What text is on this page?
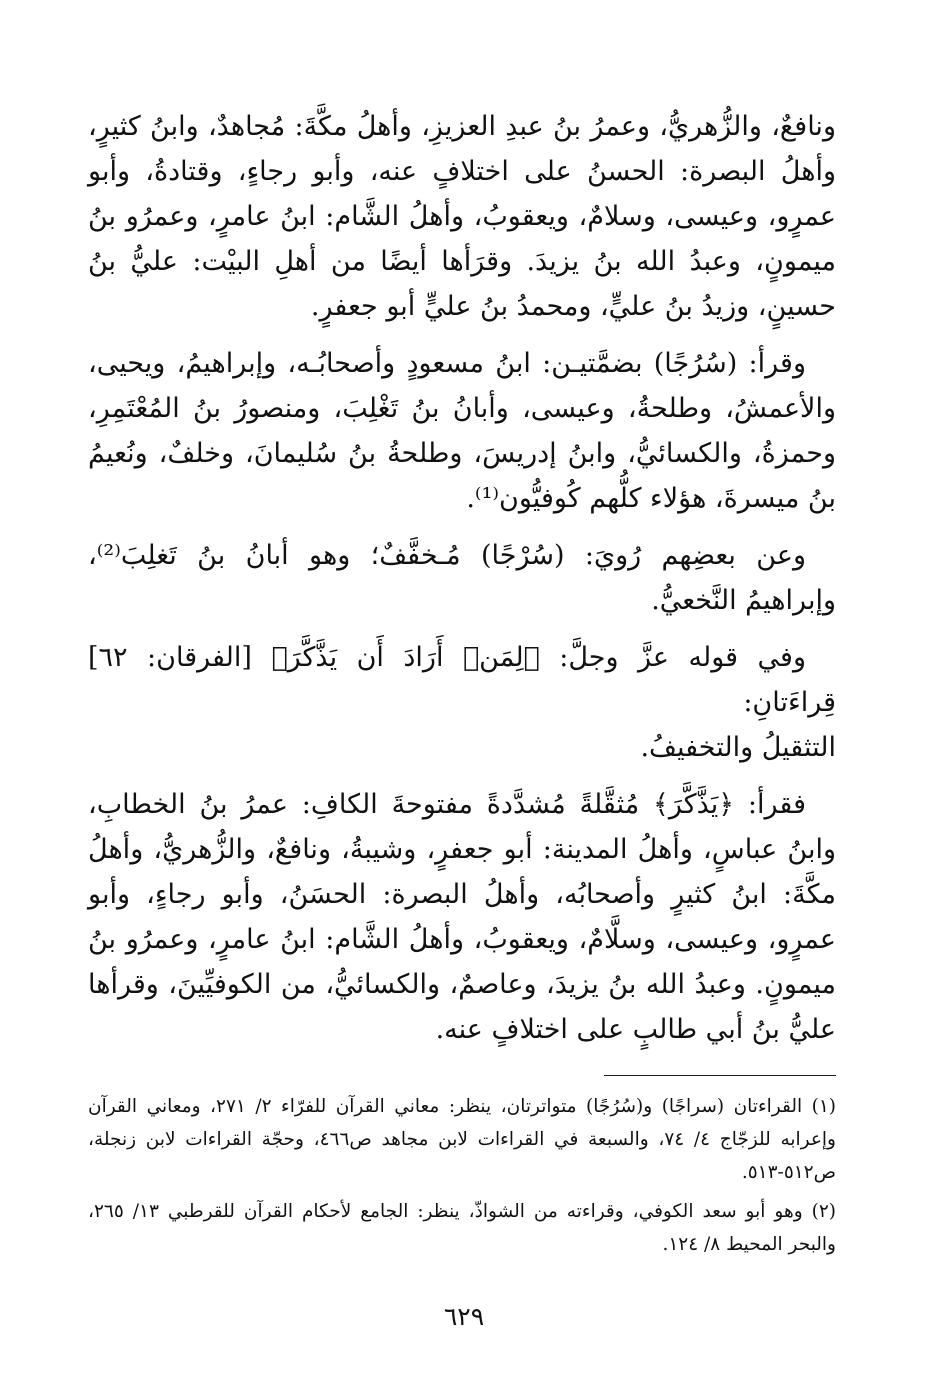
ونافعٌ، والزُّهريُّ، وعمرُ بنُ عبدِ العزيزِ، وأهلُ مكَّةَ: مُجاهدٌ، وابنُ كثيرٍ، وأهلُ البصرة: الحسنُ على اختلافٍ عنه، وأبو رجاءٍ، وقتادةُ، وأبو عمرٍو، وعيسى، وسلامٌ، ويعقوبُ، وأهلُ الشَّام: ابنُ عامرٍ، وعمرُو بنُ ميمونٍ، وعبدُ الله بنُ يزيدَ. وقرَأها أيضًا من أهلِ البيْت: عليُّ بنُ حسينٍ، وزيدُ بنُ عليٍّ، ومحمدُ بنُ عليٍّ أبو جعفرٍ.

وقرأ: (سُرُجًا) بضمَّتيـن: ابنُ مسعودٍ وأصحابُـه، وإبراهيمُ، ويحيى، والأعمشُ، وطلحةُ، وعيسى، وأبانُ بنُ تَغْلِبَ، ومنصورُ بنُ المُعْتَمِرِ، وحمزةُ، والكسائيُّ، وابنُ إدريسَ، وطلحةُ بنُ سُليمانَ، وخلفٌ، ونُعيمُ بنُ ميسرةَ، هؤلاء كلُّهم كُوفيُّون⁽¹⁾.

وعن بعضِهم رُويَ: (سُرْجًا) مُـخفَّفٌ؛ وهو أبانُ بنُ تَغلِبَ⁽²⁾، وإبراهيمُ النَّخعيُّ.

وفي قوله عزَّ وجلَّ: ﴿لِمَنۡ أَرَادَ أَن يَذَّكَّرَ﴾ [الفرقان: ٦٢] قِراءَتانِ:
التثقيلُ والتخفيفُ.

فقرأ: ﴿يَذَّكَّرَ﴾ مُثقَّلةً مُشدَّدةً مفتوحةَ الكافِ: عمرُ بنُ الخطابِ، وابنُ عباسٍ، وأهلُ المدينة: أبو جعفرٍ، وشيبةُ، ونافعٌ، والزُّهريُّ، وأهلُ مكَّةَ: ابنُ كثيرٍ وأصحابُه، وأهلُ البصرة: الحسَنُ، وأبو رجاءٍ، وأبو عمرٍو، وعيسى، وسلَّامٌ، ويعقوبُ، وأهلُ الشَّام: ابنُ عامرٍ، وعمرُو بنُ ميمونٍ. وعبدُ الله بنُ يزيدَ، وعاصمٌ، والكسائيُّ، من الكوفيِّينَ، وقرأها عليُّ بنُ أبي طالبٍ على اختلافٍ عنه.

(١) القراءتان (سراجًا) و(سُرُجًا) متواترتان، ينظر: معاني القرآن للفرّاء ٢/ ٢٧١، ومعاني القرآن وإعرابه للزجّاج ٤/ ٧٤، والسبعة في القراءات لابن مجاهد ص٤٦٦، وحجّة القراءات لابن زنجلة، ص٥١٢-٥١٣.

(٢) وهو أبو سعد الكوفي، وقراءته من الشواذّ، ينظر: الجامع لأحكام القرآن للقرطبي ١٣/ ٢٦٥، والبحر المحيط ٨/ ١٢٤.

٦٢٩
